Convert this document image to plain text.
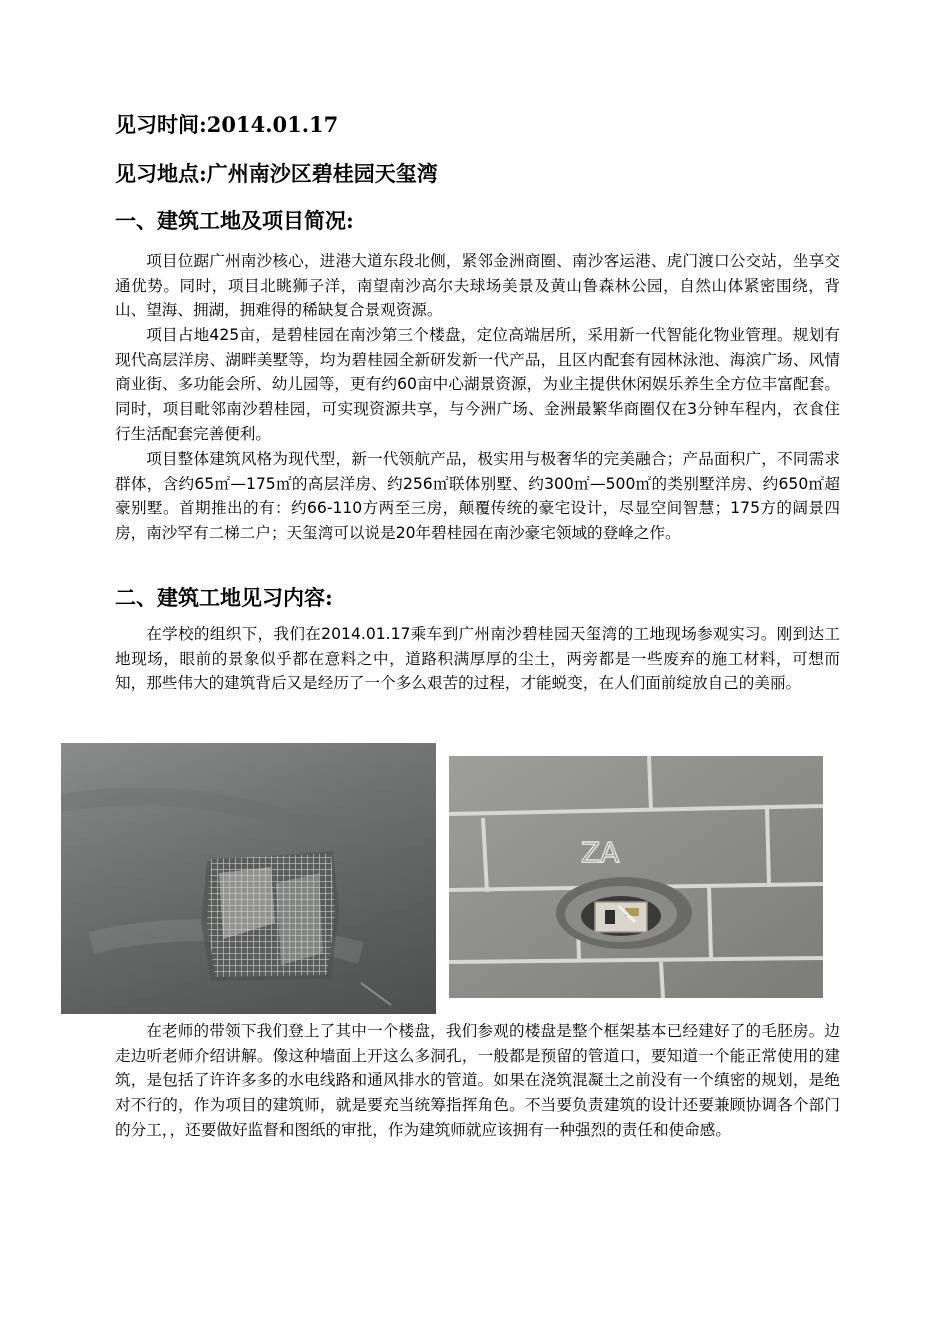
见习时间:2014.01.17
见习地点:广州南沙区碧桂园天玺湾
一、建筑工地及项目简况:

项目位踞广州南沙核心，进港大道东段北侧，紧邻金洲商圈、南沙客运港、虎门渡口公交站，坐享交通优势。同时，项目北眺狮子洋，南望南沙高尔夫球场美景及黄山鲁森林公园，自然山体紧密围绕，背山、望海、拥湖，拥难得的稀缺复合景观资源。

项目占地425亩，是碧桂园在南沙第三个楼盘，定位高端居所，采用新一代智能化物业管理。规划有现代高层洋房、湖畔美墅等，均为碧桂园全新研发新一代产品，且区内配套有园林泳池、海滨广场、风情商业街、多功能会所、幼儿园等，更有约60亩中心湖景资源，为业主提供休闲娱乐养生全方位丰富配套。同时，项目毗邻南沙碧桂园，可实现资源共享，与今洲广场、金洲最繁华商圈仅在3分钟车程内，衣食住行生活配套完善便利。

项目整体建筑风格为现代型，新一代领航产品，极实用与极奢华的完美融合；产品面积广，不同需求群体，含约65㎡—175㎡的高层洋房、约256㎡联体别墅、约300㎡—500㎡的类别墅洋房、约650㎡超豪别墅。首期推出的有：约66-110方两至三房，颠覆传统的豪宅设计，尽显空间智慧；175方的阔景四房，南沙罕有二梯二户；天玺湾可以说是20年碧桂园在南沙豪宅领域的登峰之作。

二、建筑工地见习内容:

在学校的组织下，我们在2014.01.17乘车到广州南沙碧桂园天玺湾的工地现场参观实习。刚到达工地现场，眼前的景象似乎都在意料之中，道路积满厚厚的尘土，两旁都是一些废弃的施工材料，可想而知，那些伟大的建筑背后又是经历了一个多么艰苦的过程，才能蜕变，在人们面前绽放自己的美丽。

ZA

在老师的带领下我们登上了其中一个楼盘，我们参观的楼盘是整个框架基本已经建好了的毛胚房。边走边听老师介绍讲解。像这种墙面上开这么多洞孔，一般都是预留的管道口，要知道一个能正常使用的建筑，是包括了许许多多的水电线路和通风排水的管道。如果在浇筑混凝土之前没有一个缜密的规划，是绝对不行的，作为项目的建筑师，就是要充当统筹指挥角色。不当要负责建筑的设计还要兼顾协调各个部门的分工，，还要做好监督和图纸的审批，作为建筑师就应该拥有一种强烈的责任和使命感。
